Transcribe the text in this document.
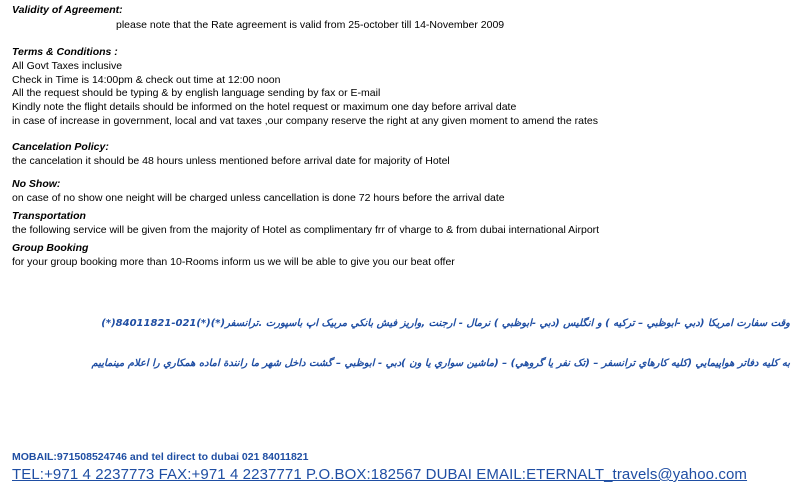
Validity of Agreement:
please note that the Rate agreement is valid from 25-october till 14-November 2009
Terms & Conditions :
All Govt Taxes inclusive
Check in Time is 14:00pm & check out time at 12:00 noon
All the request should be typing & by english language sending by fax or E-mail
Kindly note the flight details should be informed on the hotel request or maximum one day before arrival date
in case of increase in government, local and vat taxes ,our company reserve the right at any given moment to amend the rates
Cancelation Policy:
the cancelation it should be 48 hours unless mentioned before arrival date for majority of Hotel
No Show:
on case of no show one neight will be charged unless cancellation is done 72 hours before the arrival date
Transportation
the following service will be given from the majority of Hotel as complimentary frr of vharge to & from dubai international Airport
Group Booking
for your group booking more than 10-Rooms inform us we will be able to give you our beat offer
وقت سفارت امریکا (دبي -ابوظبي – ترکيه ) و انگليس (دبي -ابوظبي ) نرمال - ارجنت ,واريز فيش بانکي مربيک اپ باسپورت .ترانسفر(*)(*)021-84011821(*)
به کليه دفاتر هواپيمايي (کليه کارهاي ترانسفر – (تک نفر يا گروهي) – (ماشين سواري يا ون )دبي - ابوظبي – گشت داخل شهر ما رانندة اماده همکاري را اعلام مينماييم
MOBAIL:971508524746 and tel direct to dubai 021 84011821
TEL:+971 4 2237773 FAX:+971 4 2237771 P.O.BOX:182567 DUBAI EMAIL:ETERNALT_travels@yahoo.com
